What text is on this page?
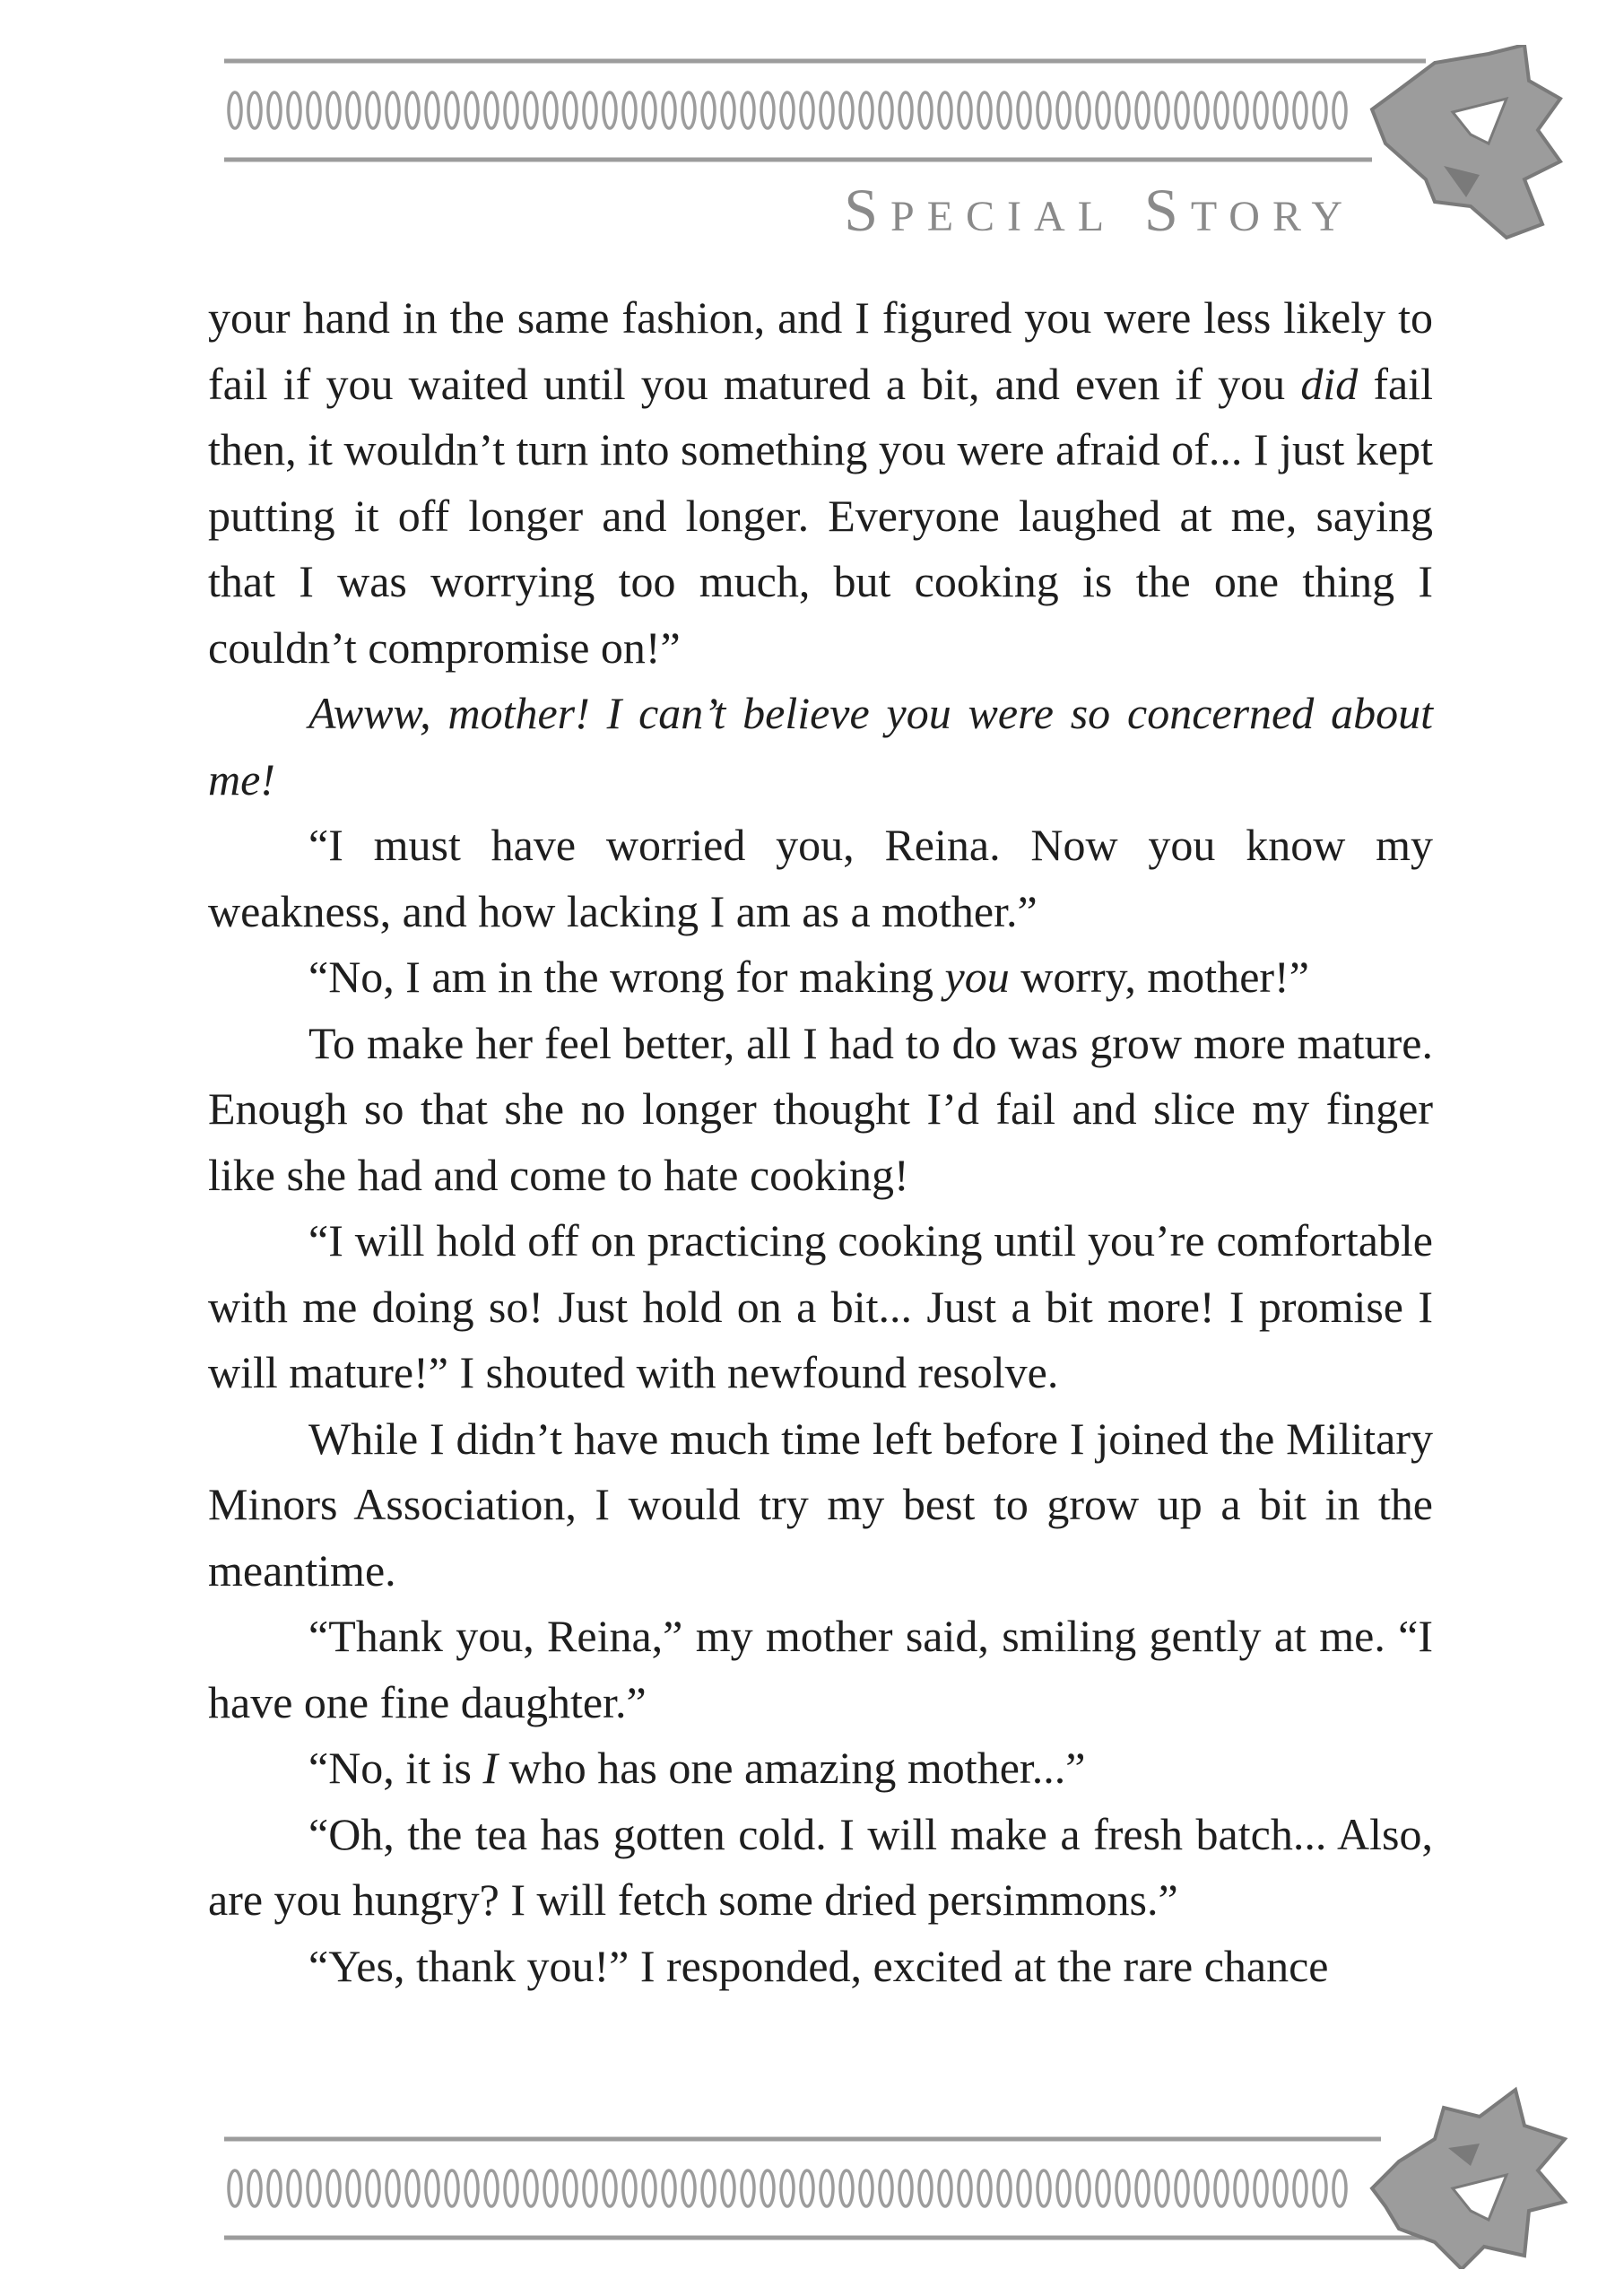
Special Story

your hand in the same fashion, and I figured you were less likely to fail if you waited until you matured a bit, and even if you did fail then, it wouldn’t turn into something you were afraid of... I just kept putting it off longer and longer. Everyone laughed at me, saying that I was worrying too much, but cooking is the one thing I couldn’t compromise on!”

Awww, mother! I can’t believe you were so concerned about me!

“I must have worried you, Reina. Now you know my weakness, and how lacking I am as a mother.”

“No, I am in the wrong for making you worry, mother!”

To make her feel better, all I had to do was grow more mature. Enough so that she no longer thought I’d fail and slice my finger like she had and come to hate cooking!

“I will hold off on practicing cooking until you’re comfortable with me doing so! Just hold on a bit... Just a bit more! I promise I will mature!” I shouted with newfound resolve.

While I didn’t have much time left before I joined the Military Minors Association, I would try my best to grow up a bit in the meantime.

“Thank you, Reina,” my mother said, smiling gently at me. “I have one fine daughter.”

“No, it is I who has one amazing mother...”

“Oh, the tea has gotten cold. I will make a fresh batch... Also, are you hungry? I will fetch some dried persimmons.”

“Yes, thank you!” I responded, excited at the rare chance
